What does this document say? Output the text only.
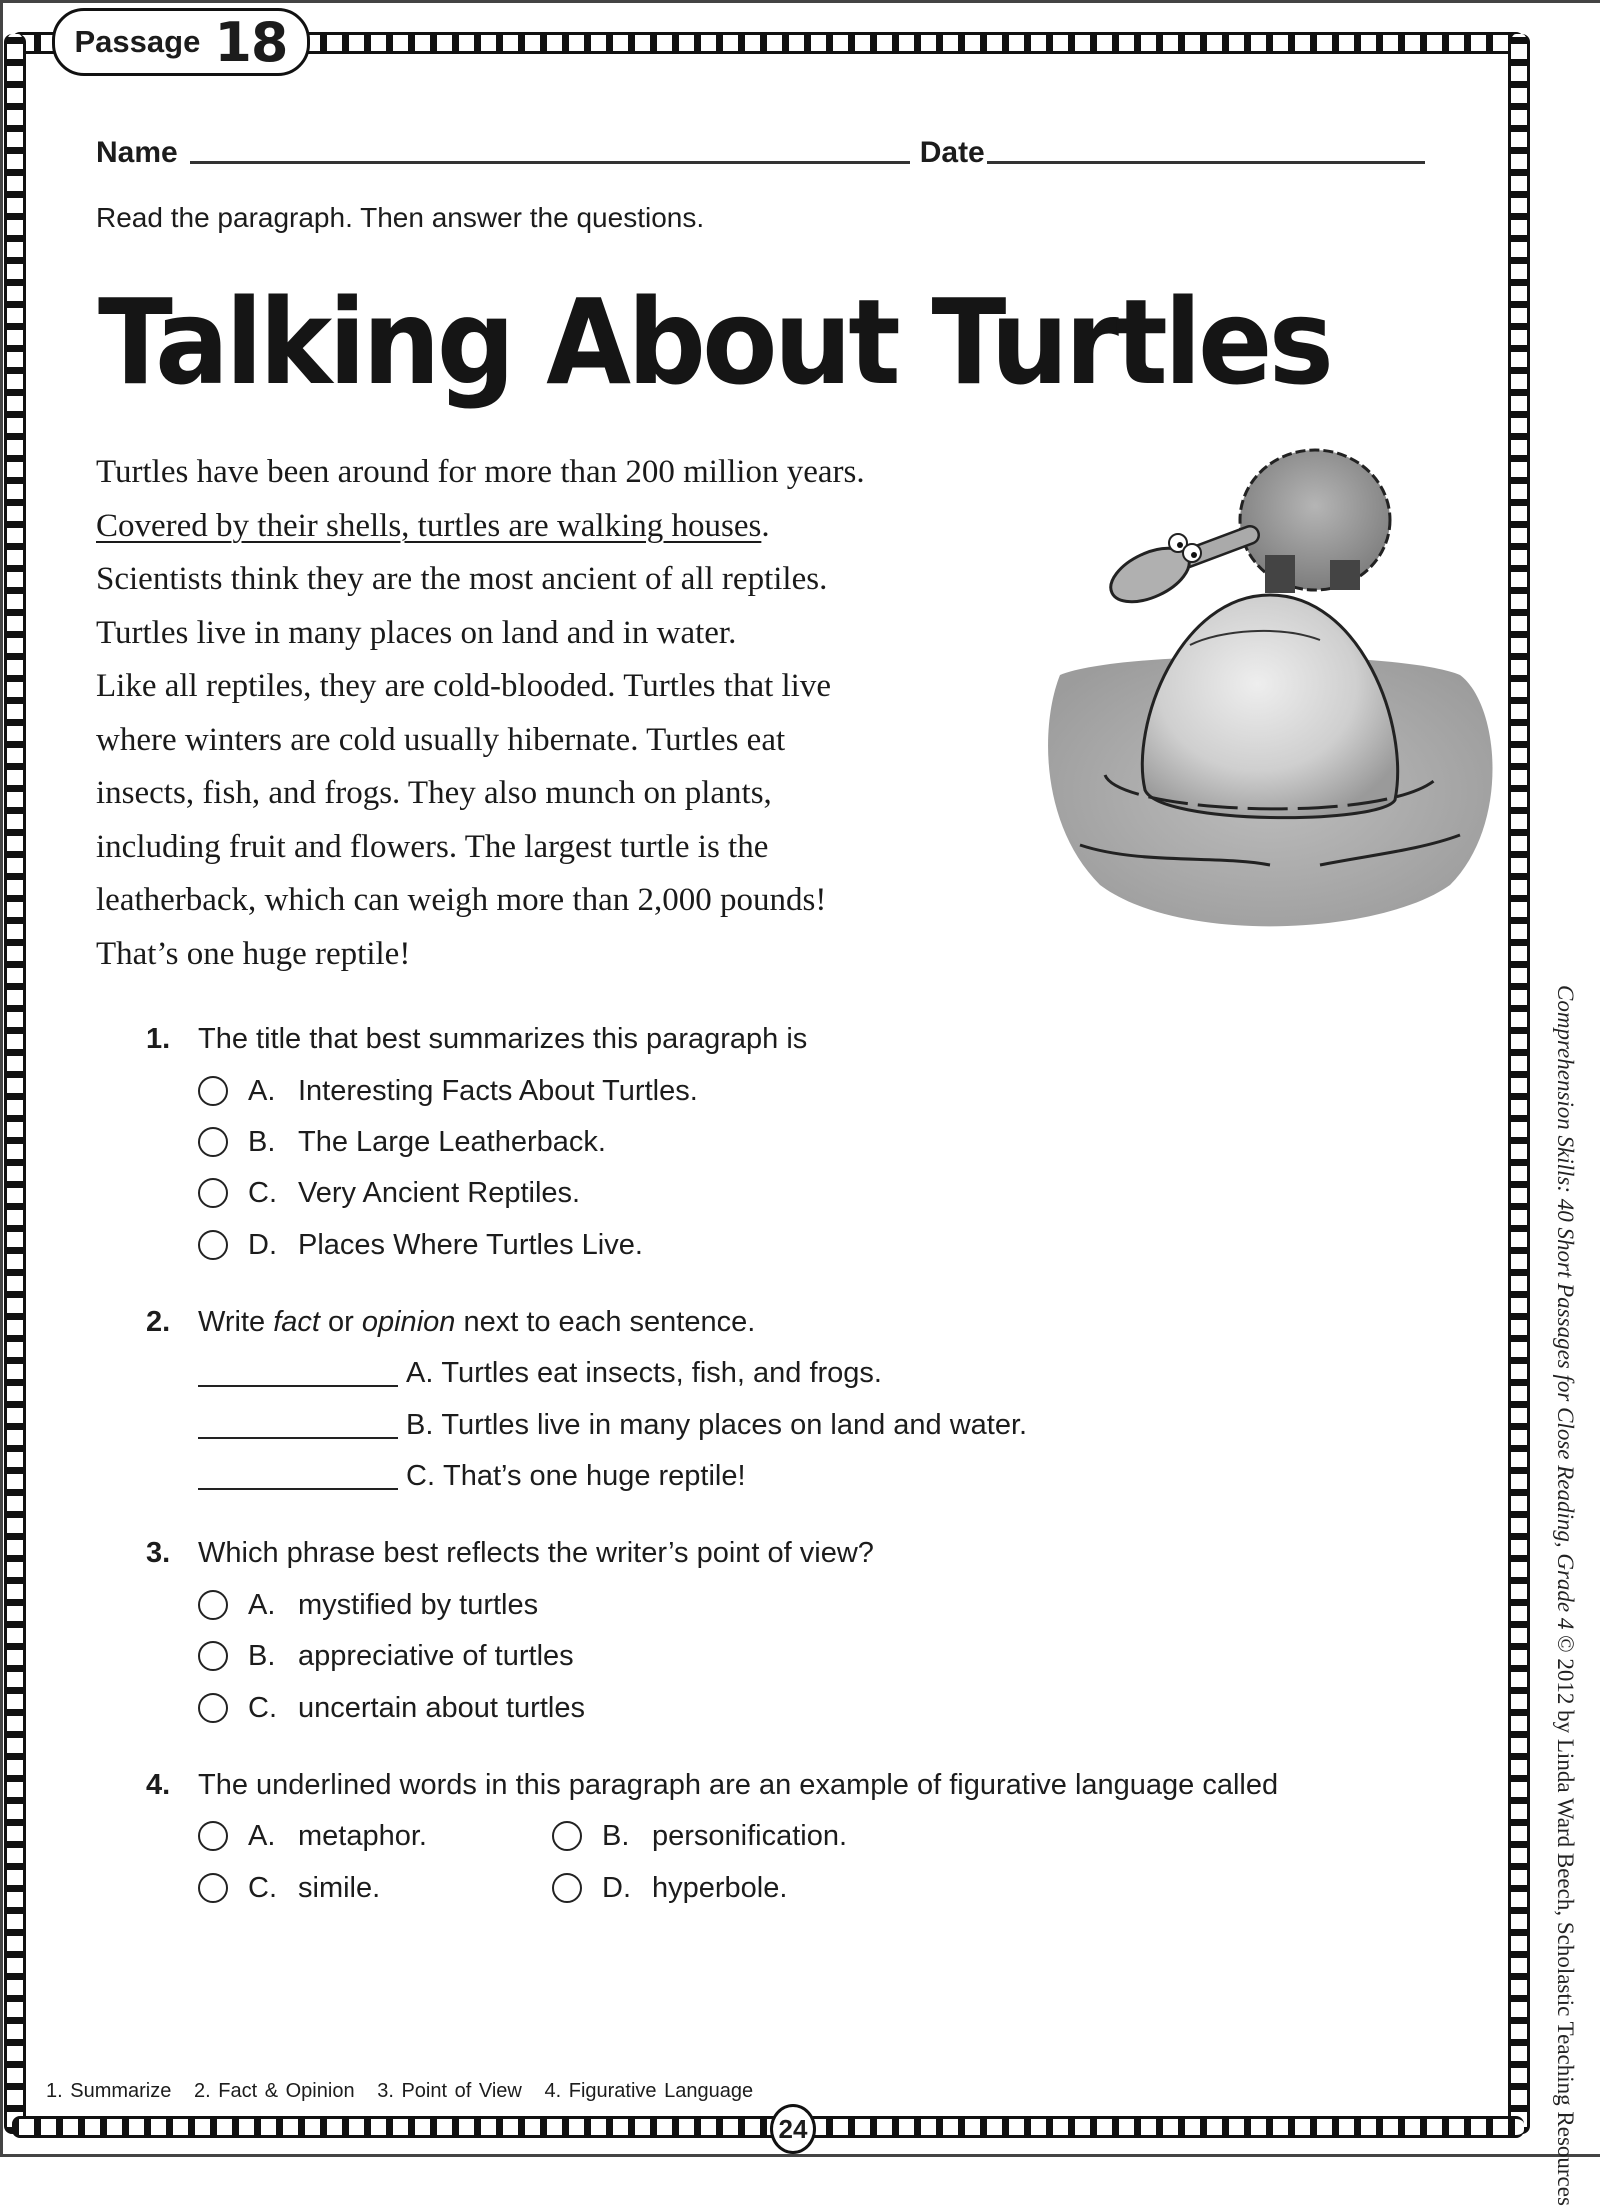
Passage 18
Name	Date
Read the paragraph. Then answer the questions.
Talking About Turtles
Turtles have been around for more than 200 million years.
Covered by their shells, turtles are walking houses.
Scientists think they are the most ancient of all reptiles.
Turtles live in many places on land and in water.
Like all reptiles, they are cold-blooded. Turtles that live
where winters are cold usually hibernate. Turtles eat
insects, fish, and frogs. They also munch on plants,
including fruit and flowers. The largest turtle is the
leatherback, which can weigh more than 2,000 pounds!
That’s one huge reptile!
1. The title that best summarizes this paragraph is
A. Interesting Facts About Turtles.
B. The Large Leatherback.
C. Very Ancient Reptiles.
D. Places Where Turtles Live.
2. Write fact or opinion next to each sentence.
A. Turtles eat insects, fish, and frogs.
B. Turtles live in many places on land and water.
C. That’s one huge reptile!
3. Which phrase best reflects the writer’s point of view?
A. mystified by turtles
B. appreciative of turtles
C. uncertain about turtles
4. The underlined words in this paragraph are an example of figurative language called
A. metaphor.	B. personification.
C. simile.	D. hyperbole.
1. Summarize   2. Fact & Opinion   3. Point of View   4. Figurative Language
24
Comprehension Skills: 40 Short Passages for Close Reading, Grade 4 © 2012 by Linda Ward Beech, Scholastic Teaching Resources
